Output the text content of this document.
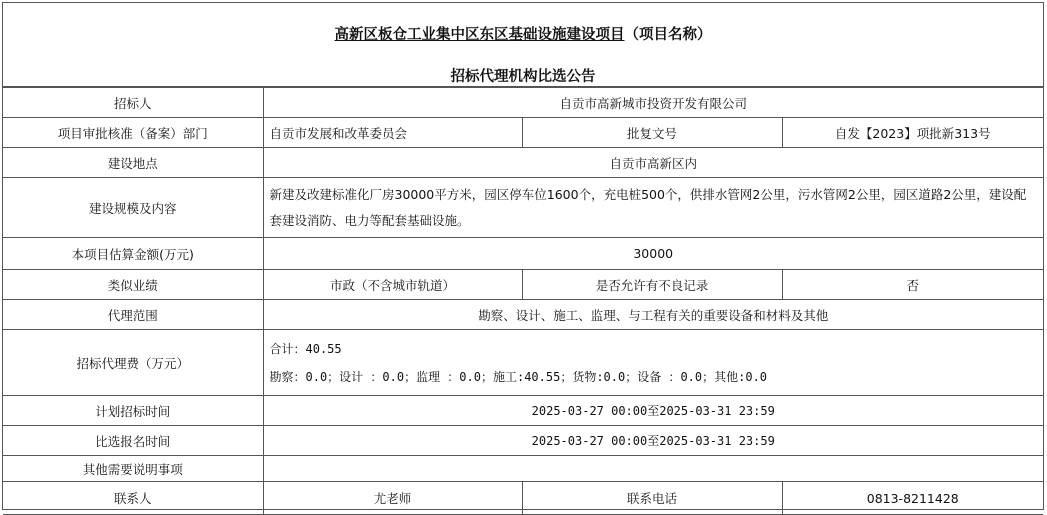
高新区板仓工业集中区东区基础设施建设项目（项目名称）
招标代理机构比选公告
招标人	自贡市高新城市投资开发有限公司		
项目审批核准（备案）部门	自贡市发展和改革委员会	批复文号	自发【2023】项批新313号
建设地点	自贡市高新区内		
建设规模及内容	新建及改建标准化厂房30000平方米，园区停车位1600个，充电桩500个，供排水管网2公里，污水管网2公里，园区道路2公里，建设配套建设消防、电力等配套基础设施。		
本项目估算金额(万元)	30000		
类似业绩	市政（不含城市轨道）	是否允许有不良记录	否
代理范围	勘察、设计、施工、监理、与工程有关的重要设备和材料及其他		
招标代理费（万元）	合计：40.55
勘察：0.0；设计 ：0.0；监理 ：0.0；施工:40.55；货物:0.0；设备 ：0.0；其他:0.0		

计划招标时间	2025-03-27 00:00至2025-03-31 23:59		
比选报名时间	2025-03-27 00:00至2025-03-31 23:59		
其他需要说明事项			
联系人	尤老师	联系电话	0813-8211428
